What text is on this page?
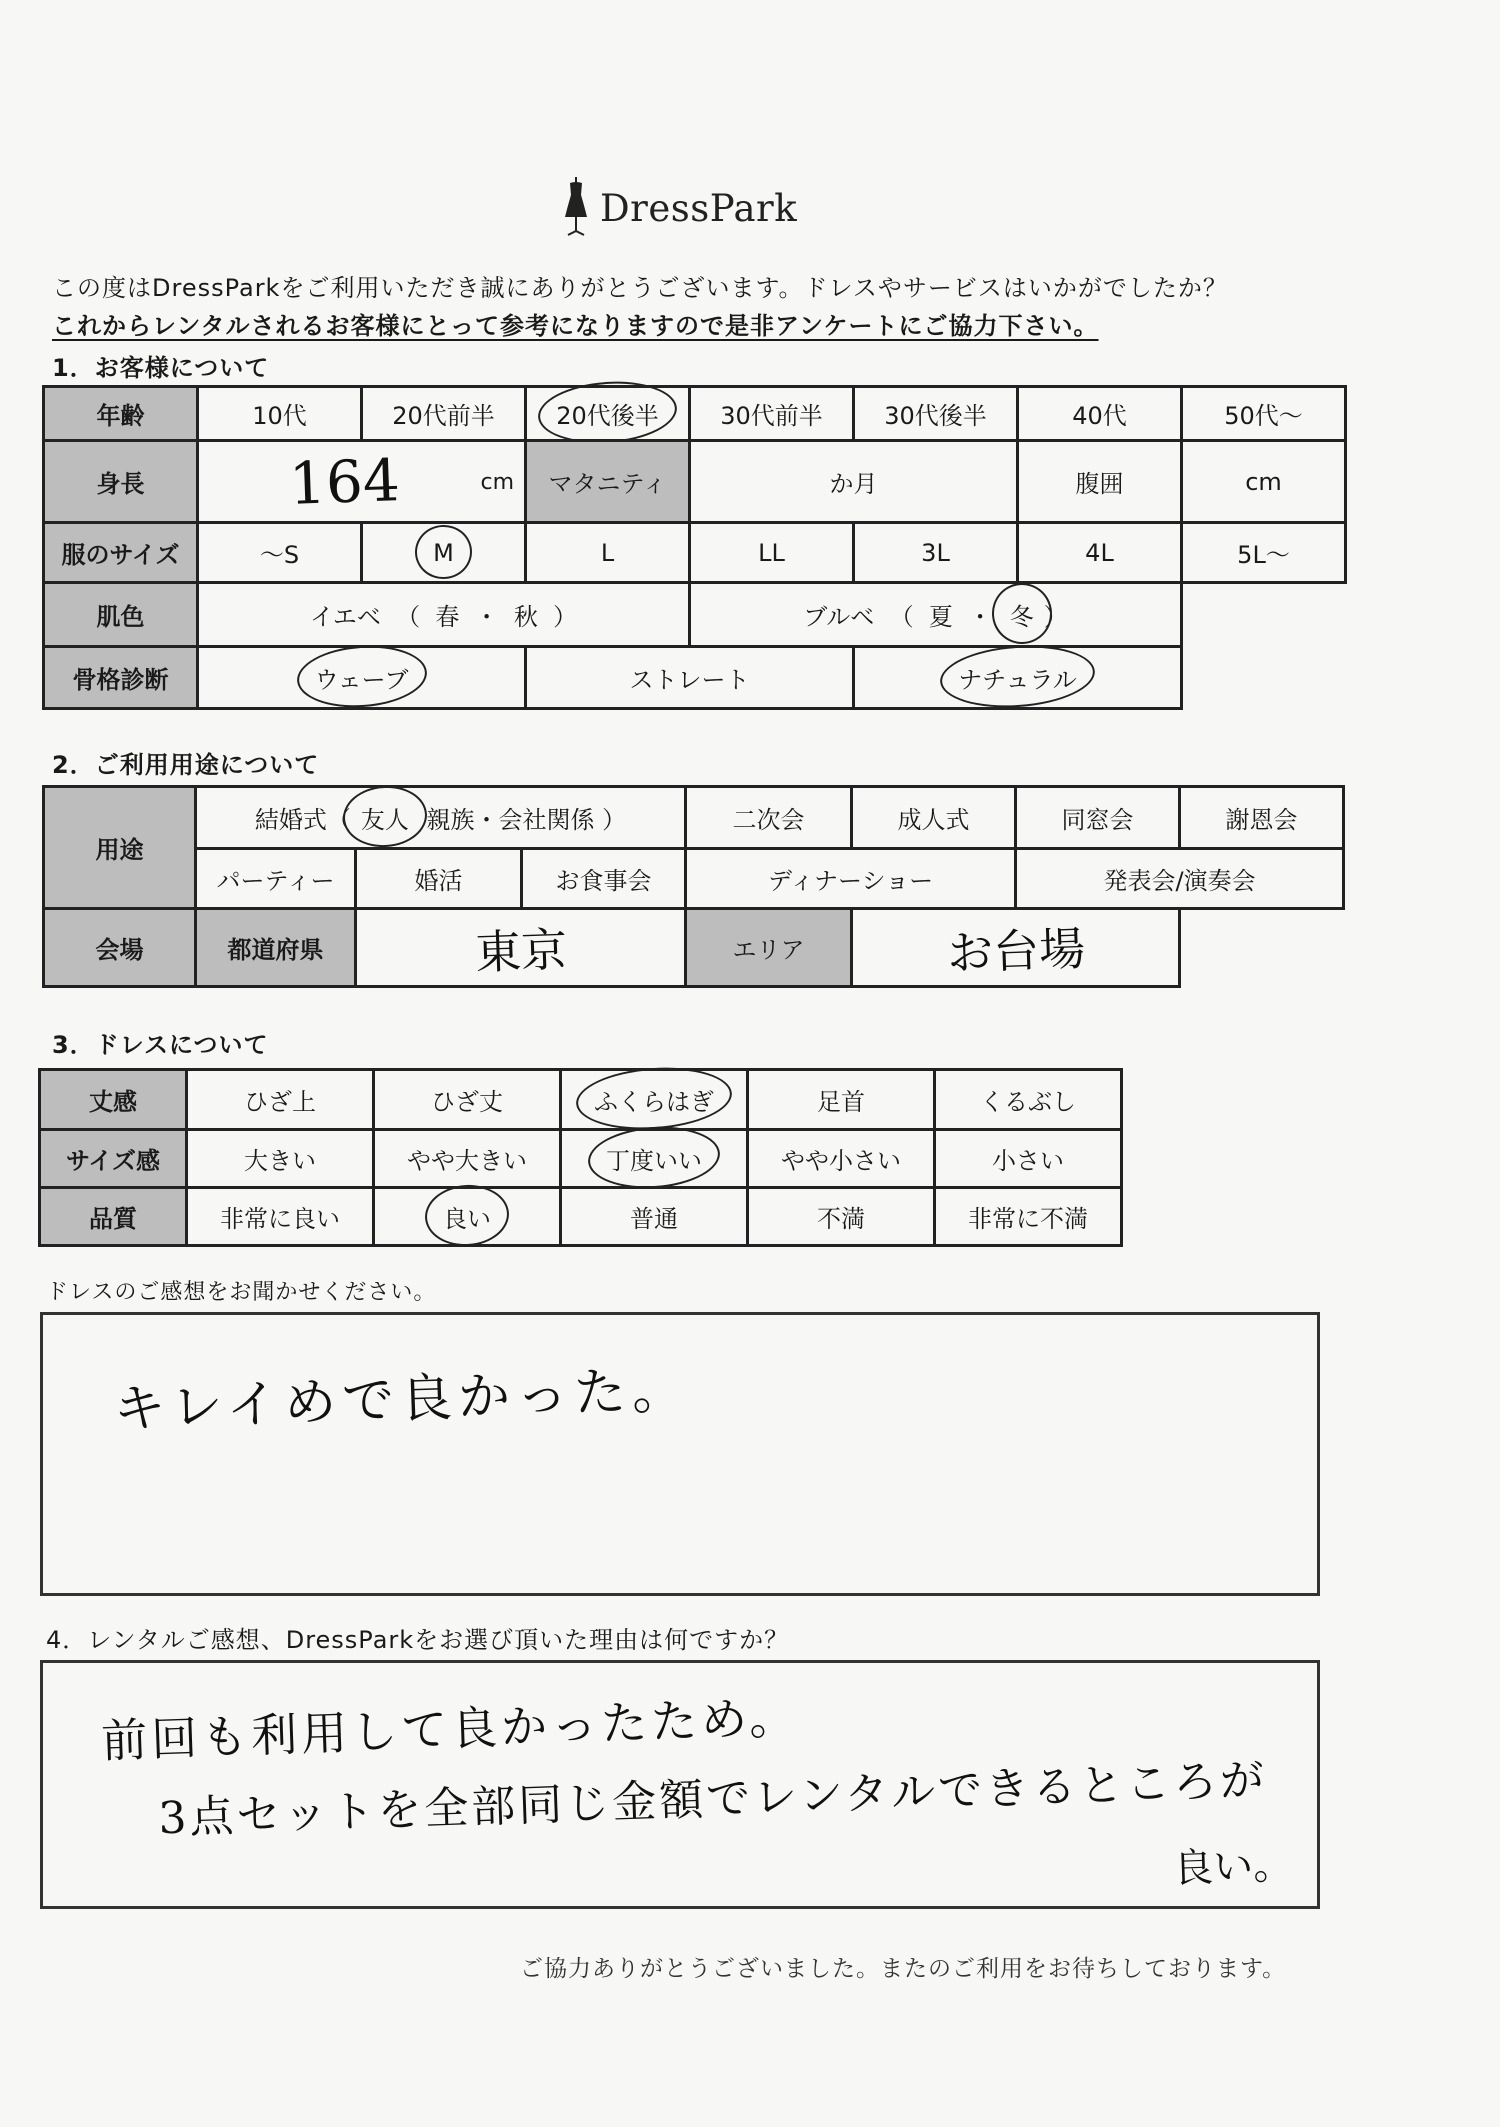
DressPark
この度はDressParkをご利用いただき誠にありがとうございます。ドレスやサービスはいかがでしたか？
これからレンタルされるお客様にとって参考になりますので是非アンケートにご協力下さい。
1．お客様について
年齢	10代	20代前半	20代後半	30代前半	30代後半	40代	50代～
身長	164 cm		マタニティ	か月		腹囲	cm
服のサイズ	～S	M	L	LL	3L	4L	5L～
肌色	イエベ  （  春  ・  秋  ）			ブルベ  （  夏  ・ 冬 ）			
骨格診断	ウェーブ		ストレート		ナチュラル		
2．ご利用用途について
用途	結婚式（ 友人 親族・会社関係 ）			二次会	成人式	同窓会	謝恩会
	パーティー	婚活	お食事会	ディナーショー		発表会/演奏会	
会場	都道府県	東京		エリア	お台場		
3．ドレスについて
丈感	ひざ上	ひざ丈	ふくらはぎ	足首	くるぶし
サイズ感	大きい	やや大きい	丁度いい	やや小さい	小さい
品質	非常に良い	良い	普通	不満	非常に不満
ドレスのご感想をお聞かせください。
キレイめで良かった。
4．レンタルご感想、DressParkをお選び頂いた理由は何ですか？
前回も利用して良かったため。
3点セットを全部同じ金額でレンタルできるところが
良い。
ご協力ありがとうございました。またのご利用をお待ちしております。
